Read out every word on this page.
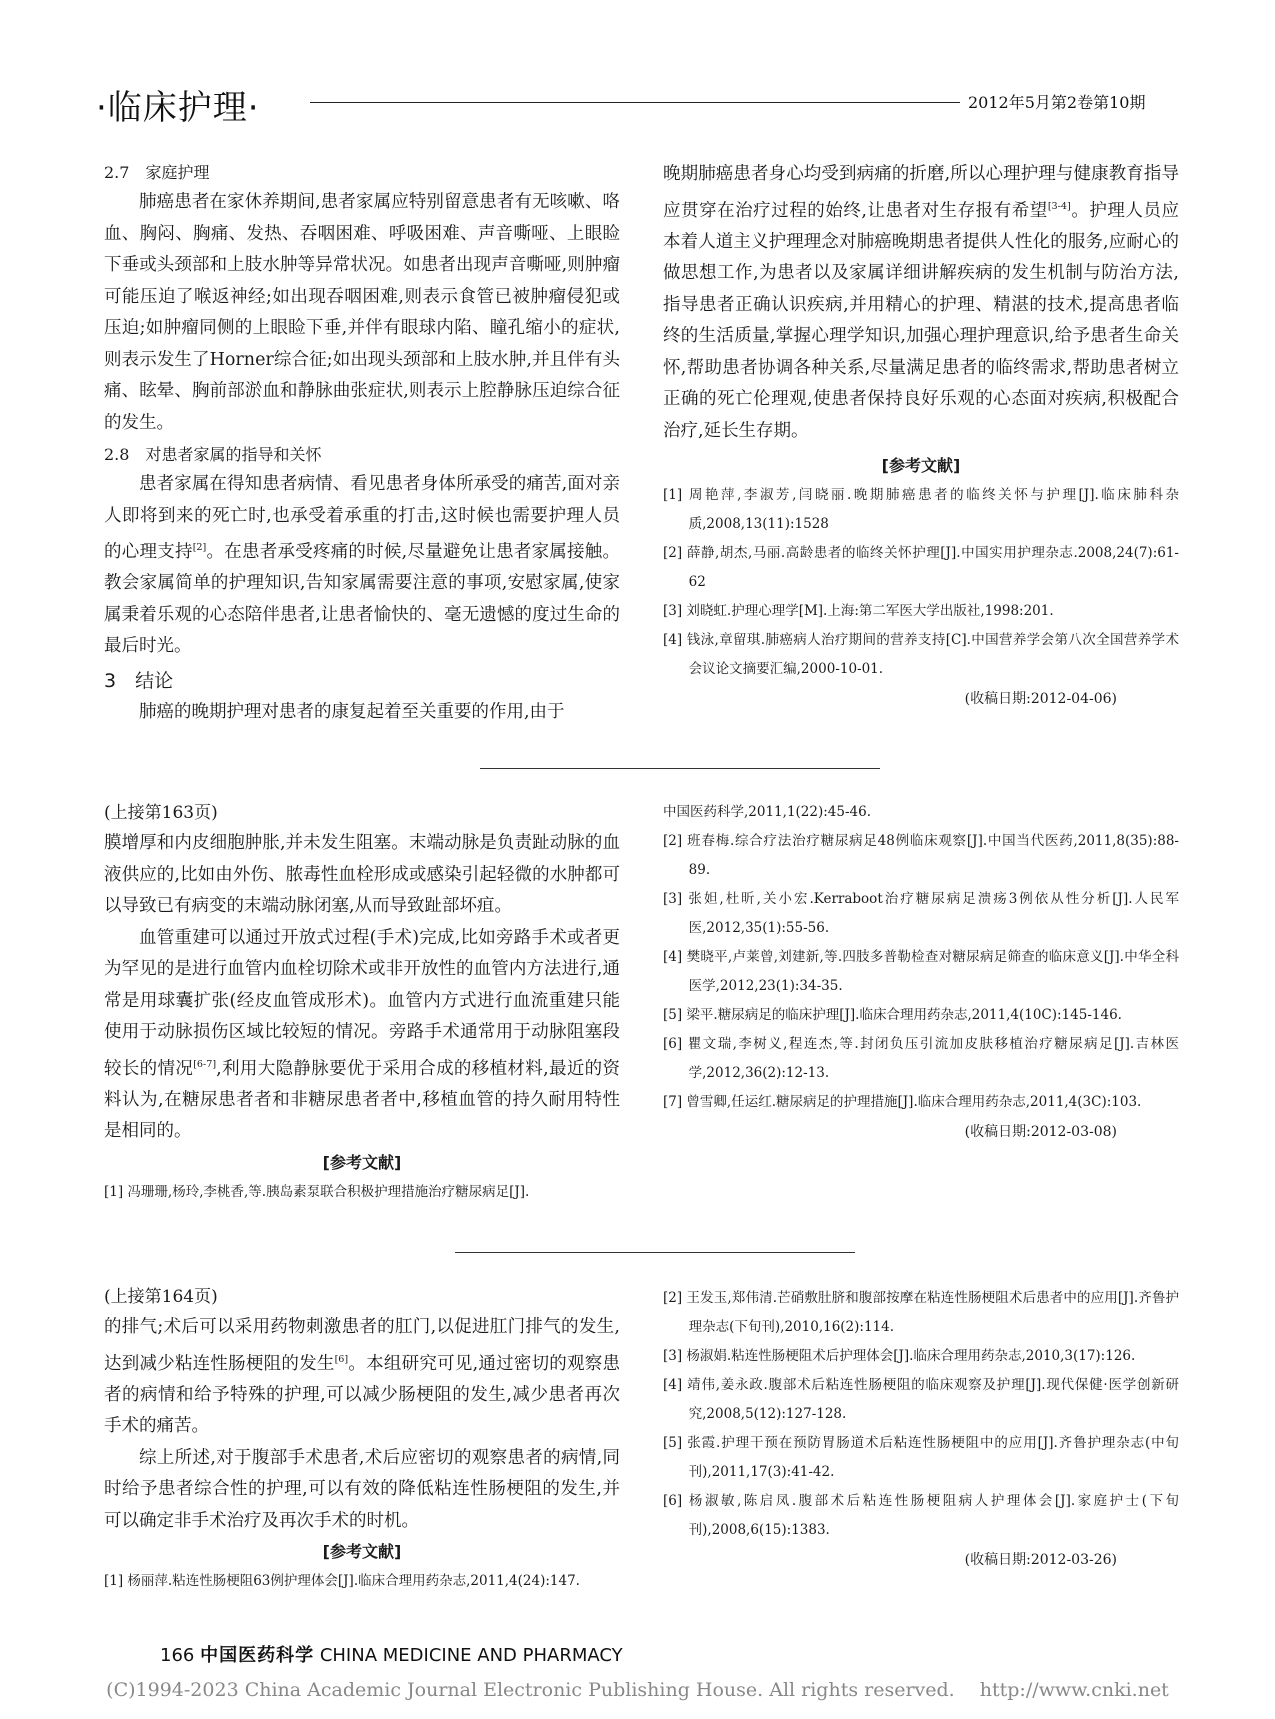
·临床护理·	2012年5月第2卷第10期

2.7　家庭护理

肺癌患者在家休养期间,患者家属应特别留意患者有无咳嗽、咯血、胸闷、胸痛、发热、吞咽困难、呼吸困难、声音嘶哑、上眼睑下垂或头颈部和上肢水肿等异常状况。如患者出现声音嘶哑,则肿瘤可能压迫了喉返神经;如出现吞咽困难,则表示食管已被肿瘤侵犯或压迫;如肿瘤同侧的上眼睑下垂,并伴有眼球内陷、瞳孔缩小的症状,则表示发生了Horner综合征;如出现头颈部和上肢水肿,并且伴有头痛、眩晕、胸前部淤血和静脉曲张症状,则表示上腔静脉压迫综合征的发生。

2.8　对患者家属的指导和关怀

患者家属在得知患者病情、看见患者身体所承受的痛苦,面对亲人即将到来的死亡时,也承受着承重的打击,这时候也需要护理人员的心理支持[2]。在患者承受疼痛的时候,尽量避免让患者家属接触。教会家属简单的护理知识,告知家属需要注意的事项,安慰家属,使家属秉着乐观的心态陪伴患者,让患者愉快的、毫无遗憾的度过生命的最后时光。

3　结论

肺癌的晚期护理对患者的康复起着至关重要的作用,由于

晚期肺癌患者身心均受到病痛的折磨,所以心理护理与健康教育指导应贯穿在治疗过程的始终,让患者对生存报有希望[3-4]。护理人员应本着人道主义护理理念对肺癌晚期患者提供人性化的服务,应耐心的做思想工作,为患者以及家属详细讲解疾病的发生机制与防治方法,指导患者正确认识疾病,并用精心的护理、精湛的技术,提高患者临终的生活质量,掌握心理学知识,加强心理护理意识,给予患者生命关怀,帮助患者协调各种关系,尽量满足患者的临终需求,帮助患者树立正确的死亡伦理观,使患者保持良好乐观的心态面对疾病,积极配合治疗,延长生存期。

[参考文献]

[1] 周艳萍,李淑芳,闫晓丽.晚期肺癌患者的临终关怀与护理[J].临床肺科杂质,2008,13(11):1528

[2] 薛静,胡杰,马丽.高龄患者的临终关怀护理[J].中国实用护理杂志.2008,24(7):61-62

[3] 刘晓虹.护理心理学[M].上海:第二军医大学出版社,1998:201.

[4] 钱泳,章留琪.肺癌病人治疗期间的营养支持[C].中国营养学会第八次全国营养学术会议论文摘要汇编,2000-10-01.

(收稿日期:2012-04-06)

(上接第163页)

膜增厚和内皮细胞肿胀,并未发生阻塞。末端动脉是负责趾动脉的血液供应的,比如由外伤、脓毒性血栓形成或感染引起轻微的水肿都可以导致已有病变的末端动脉闭塞,从而导致趾部坏疽。

血管重建可以通过开放式过程(手术)完成,比如旁路手术或者更为罕见的是进行血管内血栓切除术或非开放性的血管内方法进行,通常是用球囊扩张(经皮血管成形术)。血管内方式进行血流重建只能使用于动脉损伤区域比较短的情况。旁路手术通常用于动脉阻塞段较长的情况[6-7],利用大隐静脉要优于采用合成的移植材料,最近的资料认为,在糖尿患者者和非糖尿患者者中,移植血管的持久耐用特性是相同的。

[参考文献]

[1] 冯珊珊,杨玲,李桃香,等.胰岛素泵联合积极护理措施治疗糖尿病足[J].

中国医药科学,2011,1(22):45-46.

[2] 班春梅.综合疗法治疗糖尿病足48例临床观察[J].中国当代医药,2011,8(35):88-89.

[3] 张妲,杜昕,关小宏.Kerraboot治疗糖尿病足溃疡3例依从性分析[J].人民军医,2012,35(1):55-56.

[4] 樊晓平,卢莱曾,刘建新,等.四肢多普勒检查对糖尿病足筛查的临床意义[J].中华全科医学,2012,23(1):34-35.

[5] 梁平.糖尿病足的临床护理[J].临床合理用药杂志,2011,4(10C):145-146.

[6] 瞿文瑞,李树义,程连杰,等.封闭负压引流加皮肤移植治疗糖尿病足[J].吉林医学,2012,36(2):12-13.

[7] 曾雪卿,任运红.糖尿病足的护理措施[J].临床合理用药杂志,2011,4(3C):103.

(收稿日期:2012-03-08)

(上接第164页)

的排气;术后可以采用药物刺激患者的肛门,以促进肛门排气的发生,达到减少粘连性肠梗阻的发生[6]。本组研究可见,通过密切的观察患者的病情和给予特殊的护理,可以减少肠梗阻的发生,减少患者再次手术的痛苦。

综上所述,对于腹部手术患者,术后应密切的观察患者的病情,同时给予患者综合性的护理,可以有效的降低粘连性肠梗阻的发生,并可以确定非手术治疗及再次手术的时机。

[参考文献]

[1] 杨丽萍.粘连性肠梗阻63例护理体会[J].临床合理用药杂志,2011,4(24):147.

[2] 王发玉,郑伟清.芒硝敷肚脐和腹部按摩在粘连性肠梗阻术后患者中的应用[J].齐鲁护理杂志(下旬刊),2010,16(2):114.

[3] 杨淑娟.粘连性肠梗阻术后护理体会[J].临床合理用药杂志,2010,3(17):126.

[4] 靖伟,姜永政.腹部术后粘连性肠梗阻的临床观察及护理[J].现代保健·医学创新研究,2008,5(12):127-128.

[5] 张霞.护理干预在预防胃肠道术后粘连性肠梗阻中的应用[J].齐鲁护理杂志(中旬刊),2011,17(3):41-42.

[6] 杨淑敏,陈启凤.腹部术后粘连性肠梗阻病人护理体会[J].家庭护士(下旬刊),2008,6(15):1383.

(收稿日期:2012-03-26)

166 中国医药科学 CHINA MEDICINE AND PHARMACY
(C)1994-2023 China Academic Journal Electronic Publishing House. All rights reserved.　 http://www.cnki.net
